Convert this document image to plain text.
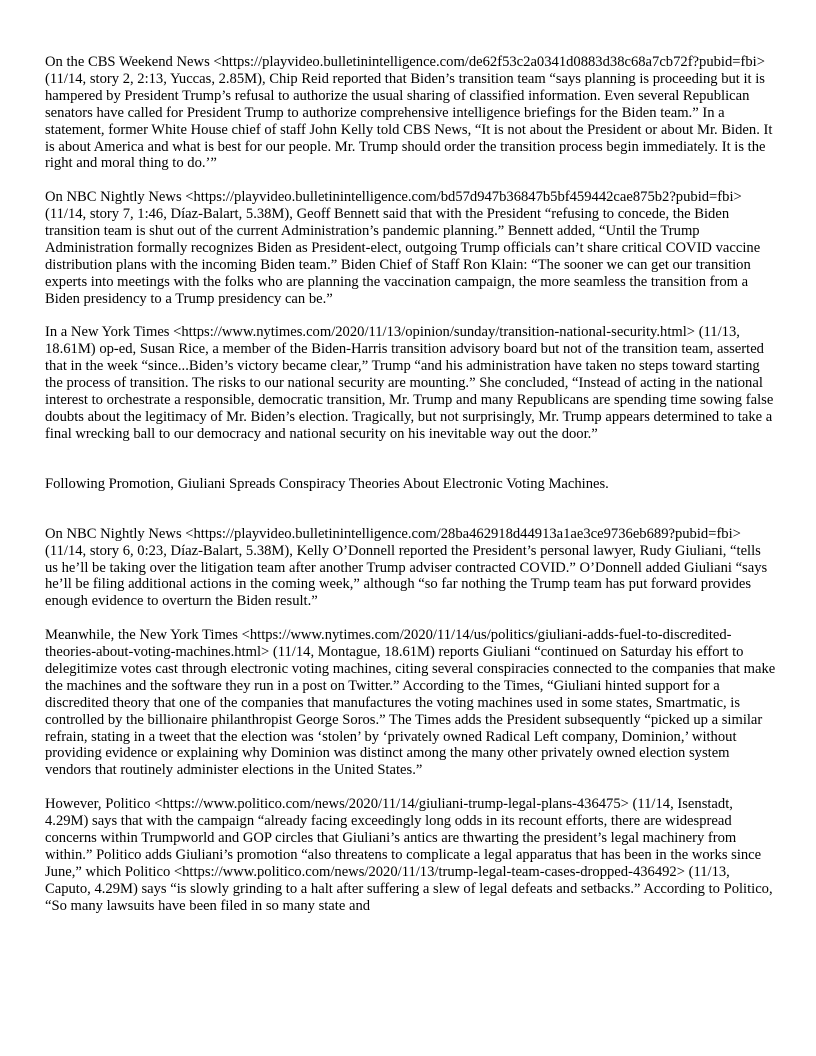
On the CBS Weekend News <https://playvideo.bulletinintelligence.com/de62f53c2a0341d0883d38c68a7cb72f?pubid=fbi> (11/14, story 2, 2:13, Yuccas, 2.85M), Chip Reid reported that Biden’s transition team “says planning is proceeding but it is hampered by President Trump’s refusal to authorize the usual sharing of classified information. Even several Republican senators have called for President Trump to authorize comprehensive intelligence briefings for the Biden team.” In a statement, former White House chief of staff John Kelly told CBS News, “It is not about the President or about Mr. Biden. It is about America and what is best for our people. Mr. Trump should order the transition process begin immediately. It is the right and moral thing to do.’”

On NBC Nightly News <https://playvideo.bulletinintelligence.com/bd57d947b36847b5bf459442cae875b2?pubid=fbi> (11/14, story 7, 1:46, Díaz-Balart, 5.38M), Geoff Bennett said that with the President “refusing to concede, the Biden transition team is shut out of the current Administration’s pandemic planning.” Bennett added, “Until the Trump Administration formally recognizes Biden as President-elect, outgoing Trump officials can’t share critical COVID vaccine distribution plans with the incoming Biden team.” Biden Chief of Staff Ron Klain: “The sooner we can get our transition experts into meetings with the folks who are planning the vaccination campaign, the more seamless the transition from a Biden presidency to a Trump presidency can be.”

In a New York Times <https://www.nytimes.com/2020/11/13/opinion/sunday/transition-national-security.html> (11/13, 18.61M) op-ed, Susan Rice, a member of the Biden-Harris transition advisory board but not of the transition team, asserted that in the week “since...Biden’s victory became clear,” Trump “and his administration have taken no steps toward starting the process of transition. The risks to our national security are mounting.” She concluded, “Instead of acting in the national interest to orchestrate a responsible, democratic transition, Mr. Trump and many Republicans are spending time sowing false doubts about the legitimacy of Mr. Biden’s election. Tragically, but not surprisingly, Mr. Trump appears determined to take a final wrecking ball to our democracy and national security on his inevitable way out the door.”

Following Promotion, Giuliani Spreads Conspiracy Theories About Electronic Voting Machines.

On NBC Nightly News <https://playvideo.bulletinintelligence.com/28ba462918d44913a1ae3ce9736eb689?pubid=fbi> (11/14, story 6, 0:23, Díaz-Balart, 5.38M), Kelly O’Donnell reported the President’s personal lawyer, Rudy Giuliani, “tells us he’ll be taking over the litigation team after another Trump adviser contracted COVID.” O’Donnell added Giuliani “says he’ll be filing additional actions in the coming week,” although “so far nothing the Trump team has put forward provides enough evidence to overturn the Biden result.”

Meanwhile, the New York Times <https://www.nytimes.com/2020/11/14/us/politics/giuliani-adds-fuel-to-discredited-theories-about-voting-machines.html> (11/14, Montague, 18.61M) reports Giuliani “continued on Saturday his effort to delegitimize votes cast through electronic voting machines, citing several conspiracies connected to the companies that make the machines and the software they run in a post on Twitter.” According to the Times, “Giuliani hinted support for a discredited theory that one of the companies that manufactures the voting machines used in some states, Smartmatic, is controlled by the billionaire philanthropist George Soros.” The Times adds the President subsequently “picked up a similar refrain, stating in a tweet that the election was ‘stolen’ by ‘privately owned Radical Left company, Dominion,’ without providing evidence or explaining why Dominion was distinct among the many other privately owned election system vendors that routinely administer elections in the United States.”

However, Politico <https://www.politico.com/news/2020/11/14/giuliani-trump-legal-plans-436475> (11/14, Isenstadt, 4.29M) says that with the campaign “already facing exceedingly long odds in its recount efforts, there are widespread concerns within Trumpworld and GOP circles that Giuliani’s antics are thwarting the president’s legal machinery from within.” Politico adds Giuliani’s promotion “also threatens to complicate a legal apparatus that has been in the works since June,” which Politico <https://www.politico.com/news/2020/11/13/trump-legal-team-cases-dropped-436492> (11/13, Caputo, 4.29M) says “is slowly grinding to a halt after suffering a slew of legal defeats and setbacks.” According to Politico, “So many lawsuits have been filed in so many state and
